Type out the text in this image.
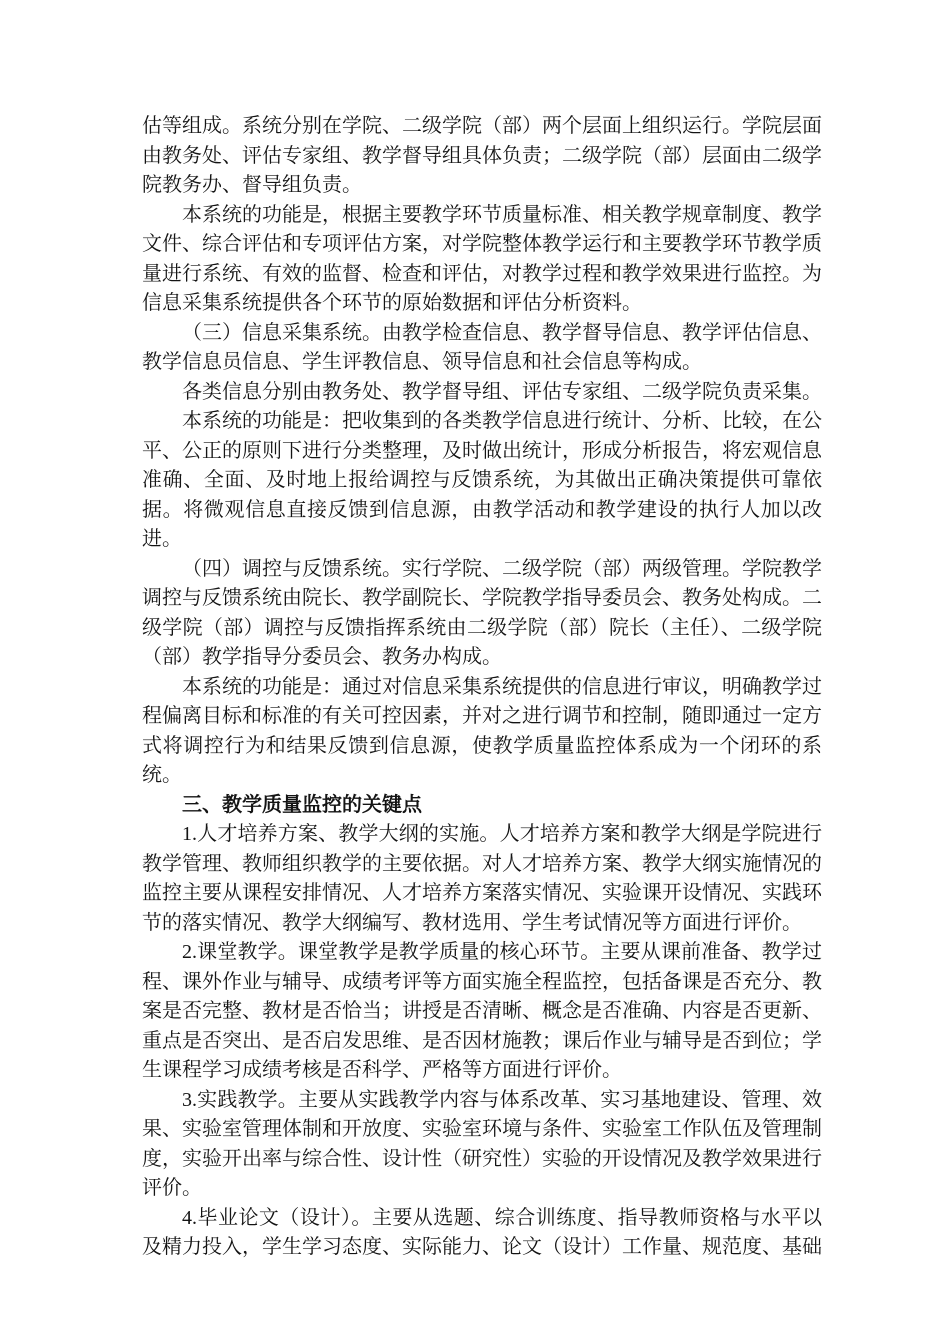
估等组成。系统分别在学院、二级学院（部）两个层面上组织运行。学院层面由教务处、评估专家组、教学督导组具体负责；二级学院（部）层面由二级学院教务办、督导组负责。

本系统的功能是，根据主要教学环节质量标准、相关教学规章制度、教学文件、综合评估和专项评估方案，对学院整体教学运行和主要教学环节教学质量进行系统、有效的监督、检查和评估，对教学过程和教学效果进行监控。为信息采集系统提供各个环节的原始数据和评估分析资料。

（三）信息采集系统。由教学检查信息、教学督导信息、教学评估信息、教学信息员信息、学生评教信息、领导信息和社会信息等构成。

各类信息分别由教务处、教学督导组、评估专家组、二级学院负责采集。

本系统的功能是：把收集到的各类教学信息进行统计、分析、比较，在公平、公正的原则下进行分类整理，及时做出统计，形成分析报告，将宏观信息准确、全面、及时地上报给调控与反馈系统，为其做出正确决策提供可靠依据。将微观信息直接反馈到信息源，由教学活动和教学建设的执行人加以改进。

（四）调控与反馈系统。实行学院、二级学院（部）两级管理。学院教学调控与反馈系统由院长、教学副院长、学院教学指导委员会、教务处构成。二级学院（部）调控与反馈指挥系统由二级学院（部）院长（主任）、二级学院（部）教学指导分委员会、教务办构成。

本系统的功能是：通过对信息采集系统提供的信息进行审议，明确教学过程偏离目标和标准的有关可控因素，并对之进行调节和控制，随即通过一定方式将调控行为和结果反馈到信息源，使教学质量监控体系成为一个闭环的系统。

三、教学质量监控的关键点

1.人才培养方案、教学大纲的实施。人才培养方案和教学大纲是学院进行教学管理、教师组织教学的主要依据。对人才培养方案、教学大纲实施情况的监控主要从课程安排情况、人才培养方案落实情况、实验课开设情况、实践环节的落实情况、教学大纲编写、教材选用、学生考试情况等方面进行评价。

2.课堂教学。课堂教学是教学质量的核心环节。主要从课前准备、教学过程、课外作业与辅导、成绩考评等方面实施全程监控，包括备课是否充分、教案是否完整、教材是否恰当；讲授是否清晰、概念是否准确、内容是否更新、重点是否突出、是否启发思维、是否因材施教；课后作业与辅导是否到位；学生课程学习成绩考核是否科学、严格等方面进行评价。

3.实践教学。主要从实践教学内容与体系改革、实习基地建设、管理、效果、实验室管理体制和开放度、实验室环境与条件、实验室工作队伍及管理制度，实验开出率与综合性、设计性（研究性）实验的开设情况及教学效果进行评价。

4.毕业论文（设计）。主要从选题、综合训练度、指导教师资格与水平以及精力投入，学生学习态度、实际能力、论文（设计）工作量、规范度、基础
